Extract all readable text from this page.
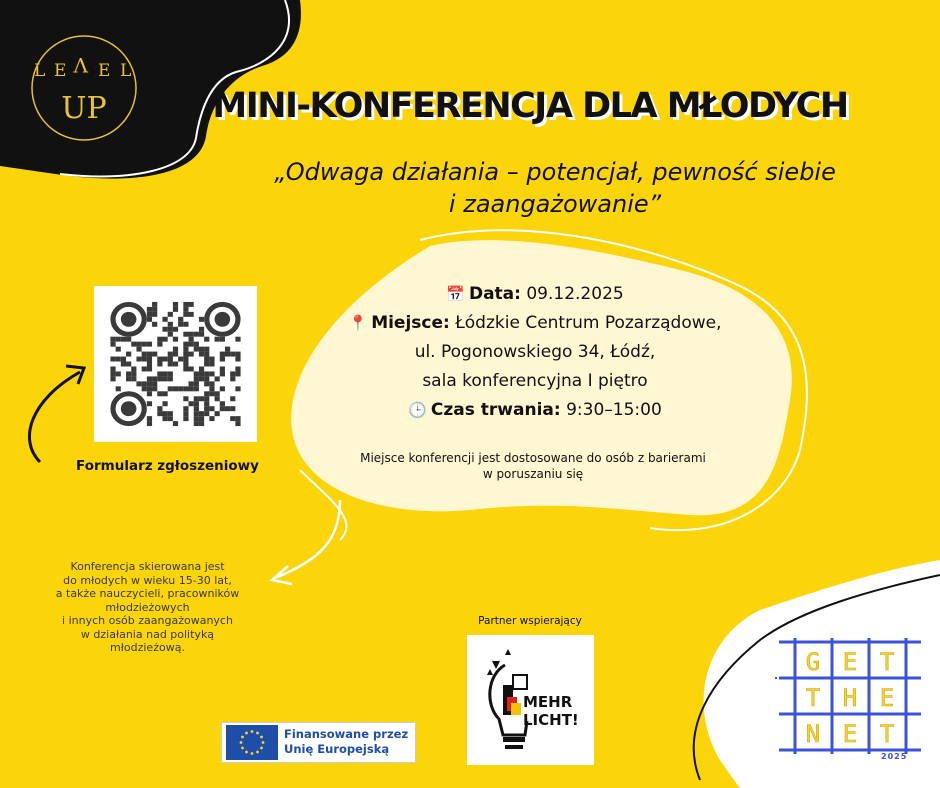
L E V E L
UP	MINI-KONFERENCJA DLA MŁODYCH
„Odwaga działania – potencjał, pewność siebie
i zaangażowanie”
📅 Data: 09.12.2025
📍 Miejsce: Łódzkie Centrum Pozarządowe,
ul. Pogonowskiego 34, Łódź,
sala konferencyjna I piętro
🕒 Czas trwania: 9:30–15:00
Miejsce konferencji jest dostosowane do osób z barierami
w poruszaniu się
Formularz zgłoszeniowy
Konferencja skierowana jest
do młodych w wieku 15-30 lat,
a także nauczycieli, pracowników
młodzieżowych
i innych osób zaangażowanych
w działania nad polityką
młodzieżową.
Partner wspierający
MEHR
LICHT!
Finansowane przez
Unię Europejską
G E T
T H E
N E T
2025
